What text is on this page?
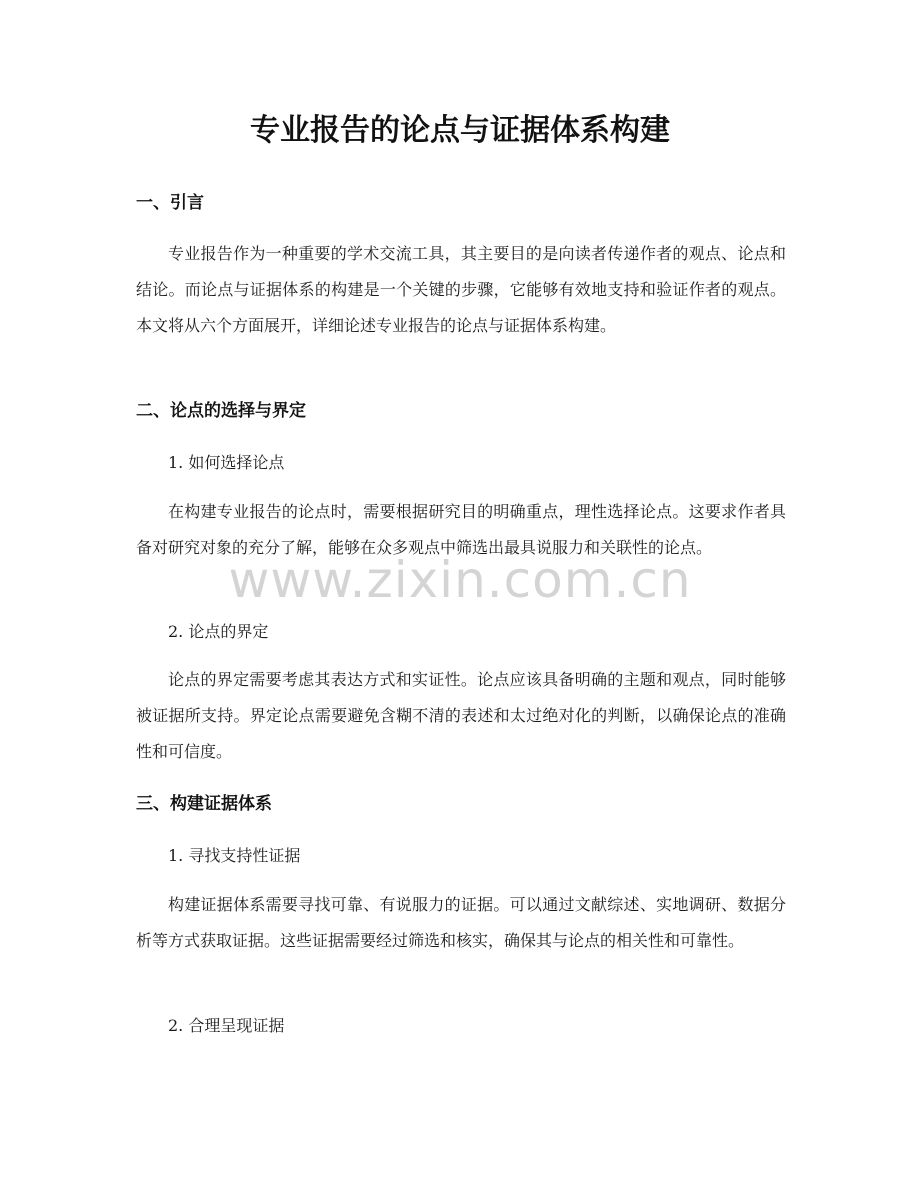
专业报告的论点与证据体系构建
一、引言

专业报告作为一种重要的学术交流工具，其主要目的是向读者传递作者的观点、论点和结论。而论点与证据体系的构建是一个关键的步骤，它能够有效地支持和验证作者的观点。本文将从六个方面展开，详细论述专业报告的论点与证据体系构建。

二、论点的选择与界定

1. 如何选择论点

在构建专业报告的论点时，需要根据研究目的明确重点，理性选择论点。这要求作者具备对研究对象的充分了解，能够在众多观点中筛选出最具说服力和关联性的论点。

2. 论点的界定

论点的界定需要考虑其表达方式和实证性。论点应该具备明确的主题和观点，同时能够被证据所支持。界定论点需要避免含糊不清的表述和太过绝对化的判断，以确保论点的准确性和可信度。

三、构建证据体系

1. 寻找支持性证据

构建证据体系需要寻找可靠、有说服力的证据。可以通过文献综述、实地调研、数据分析等方式获取证据。这些证据需要经过筛选和核实，确保其与论点的相关性和可靠性。

2. 合理呈现证据

www.zixin.com.cn
